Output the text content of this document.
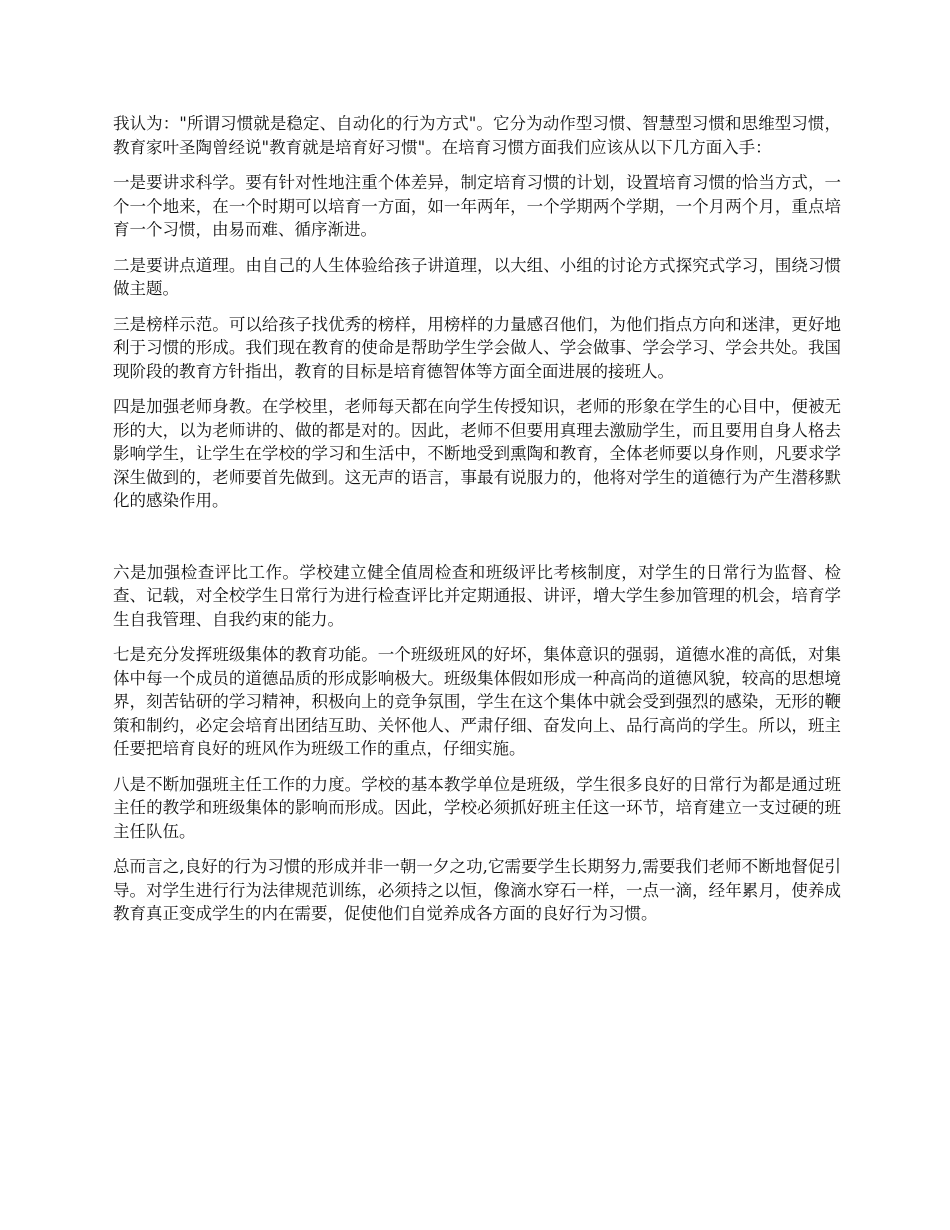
我认为："所谓习惯就是稳定、自动化的行为方式"。它分为动作型习惯、智慧型习惯和思维型习惯，教育家叶圣陶曾经说"教育就是培育好习惯"。在培育习惯方面我们应该从以下几方面入手：

一是要讲求科学。要有针对性地注重个体差异，制定培育习惯的计划，设置培育习惯的恰当方式，一个一个地来，在一个时期可以培育一方面，如一年两年，一个学期两个学期，一个月两个月，重点培育一个习惯，由易而难、循序渐进。

二是要讲点道理。由自己的人生体验给孩子讲道理，以大组、小组的讨论方式探究式学习，围绕习惯做主题。

三是榜样示范。可以给孩子找优秀的榜样，用榜样的力量感召他们，为他们指点方向和迷津，更好地利于习惯的形成。我们现在教育的使命是帮助学生学会做人、学会做事、学会学习、学会共处。我国现阶段的教育方针指出，教育的目标是培育德智体等方面全面进展的接班人。

四是加强老师身教。在学校里，老师每天都在向学生传授知识，老师的形象在学生的心目中，便被无形的大，以为老师讲的、做的都是对的。因此，老师不但要用真理去激励学生，而且要用自身人格去影响学生，让学生在学校的学习和生活中，不断地受到熏陶和教育，全体老师要以身作则，凡要求学深生做到的，老师要首先做到。这无声的语言，事最有说服力的，他将对学生的道德行为产生潜移默化的感染作用。

六是加强检查评比工作。学校建立健全值周检查和班级评比考核制度，对学生的日常行为监督、检查、记载，对全校学生日常行为进行检查评比并定期通报、讲评，增大学生参加管理的机会，培育学生自我管理、自我约束的能力。

七是充分发挥班级集体的教育功能。一个班级班风的好坏，集体意识的强弱，道德水准的高低，对集体中每一个成员的道德品质的形成影响极大。班级集体假如形成一种高尚的道德风貌，较高的思想境界，刻苦钻研的学习精神，积极向上的竞争氛围，学生在这个集体中就会受到强烈的感染，无形的鞭策和制约，必定会培育出团结互助、关怀他人、严肃仔细、奋发向上、品行高尚的学生。所以，班主任要把培育良好的班风作为班级工作的重点，仔细实施。

八是不断加强班主任工作的力度。学校的基本教学单位是班级，学生很多良好的日常行为都是通过班主任的教学和班级集体的影响而形成。因此，学校必须抓好班主任这一环节，培育建立一支过硬的班主任队伍。

总而言之,良好的行为习惯的形成并非一朝一夕之功,它需要学生长期努力,需要我们老师不断地督促引导。对学生进行行为法律规范训练，必须持之以恒，像滴水穿石一样，一点一滴，经年累月，使养成教育真正变成学生的内在需要，促使他们自觉养成各方面的良好行为习惯。
